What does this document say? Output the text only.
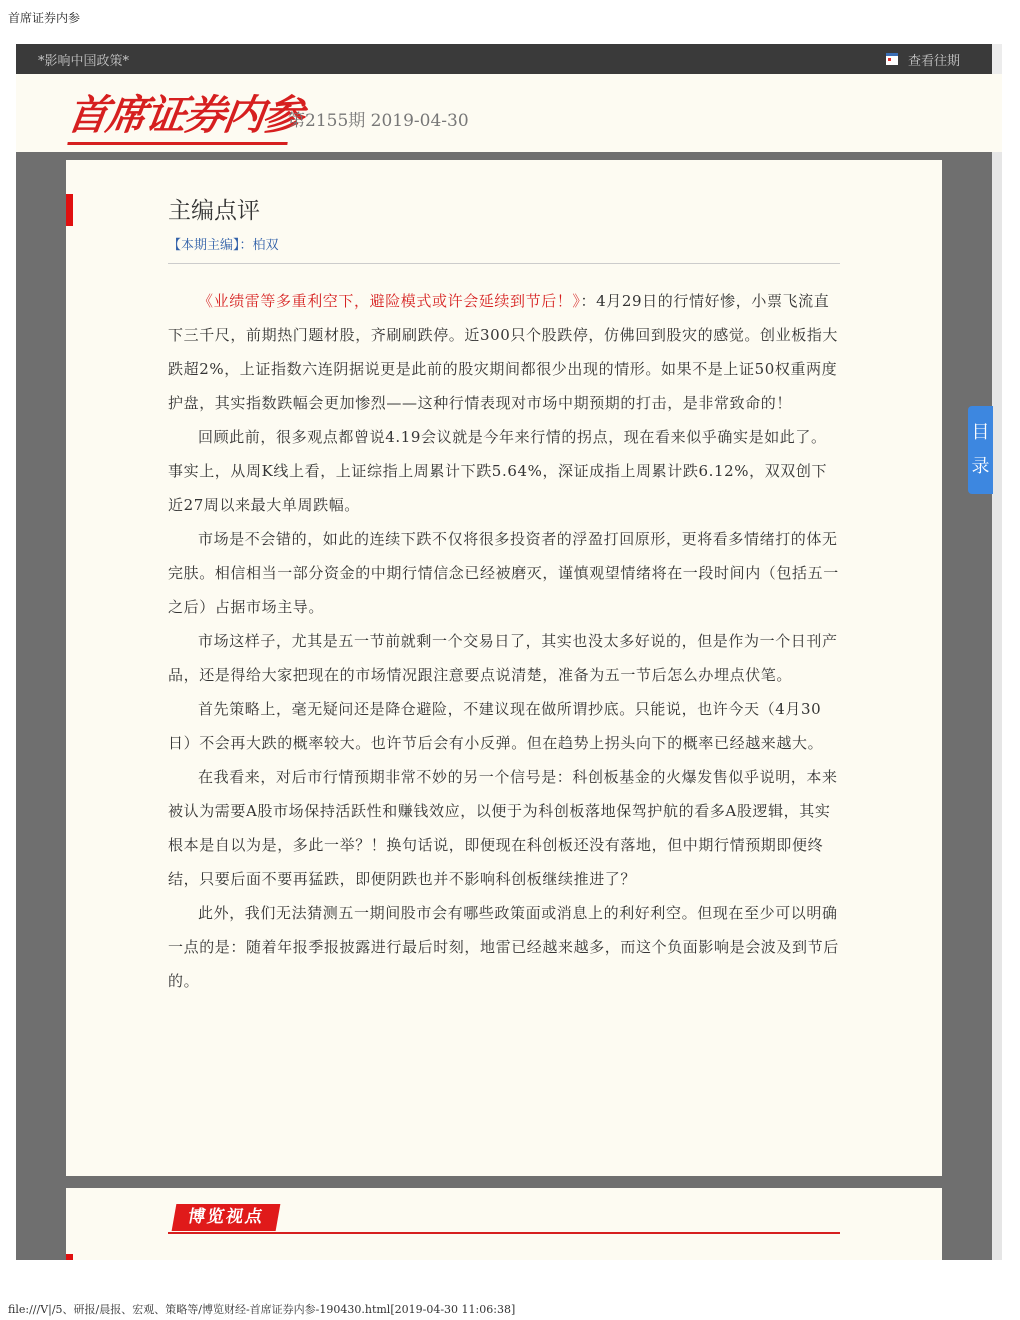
首席证券内参
*影响中国政策*	查看往期
首席证券内参
第2155期 2019-04-30
主编点评
【本期主编】：柏双

《业绩雷等多重利空下，避险模式或许会延续到节后！》：4月29日的行情好惨，小票飞流直下三千尺，前期热门题材股，齐刷刷跌停。近300只个股跌停，仿佛回到股灾的感觉。创业板指大跌超2%，上证指数六连阴据说更是此前的股灾期间都很少出现的情形。如果不是上证50权重两度护盘，其实指数跌幅会更加惨烈——这种行情表现对市场中期预期的打击，是非常致命的！

回顾此前，很多观点都曾说4.19会议就是今年来行情的拐点，现在看来似乎确实是如此了。事实上，从周K线上看，上证综指上周累计下跌5.64%，深证成指上周累计跌6.12%，双双创下近27周以来最大单周跌幅。

市场是不会错的，如此的连续下跌不仅将很多投资者的浮盈打回原形，更将看多情绪打的体无完肤。相信相当一部分资金的中期行情信念已经被磨灭，谨慎观望情绪将在一段时间内（包括五一之后）占据市场主导。

市场这样子，尤其是五一节前就剩一个交易日了，其实也没太多好说的，但是作为一个日刊产品，还是得给大家把现在的市场情况跟注意要点说清楚，准备为五一节后怎么办埋点伏笔。

首先策略上，毫无疑问还是降仓避险，不建议现在做所谓抄底。只能说，也许今天（4月30日）不会再大跌的概率较大。也许节后会有小反弹。但在趋势上拐头向下的概率已经越来越大。

在我看来，对后市行情预期非常不妙的另一个信号是：科创板基金的火爆发售似乎说明，本来被认为需要A股市场保持活跃性和赚钱效应，以便于为科创板落地保驾护航的看多A股逻辑，其实根本是自以为是，多此一举？！换句话说，即便现在科创板还没有落地，但中期行情预期即便终结，只要后面不要再猛跌，即便阴跌也并不影响科创板继续推进了？

此外，我们无法猜测五一期间股市会有哪些政策面或消息上的利好利空。但现在至少可以明确一点的是：随着年报季报披露进行最后时刻，地雷已经越来越多，而这个负面影响是会波及到节后的。

博览视点
目录
file:///V|/5、研报/晨报、宏观、策略等/博览财经-首席证券内参-190430.html[2019-04-30 11:06:38]
